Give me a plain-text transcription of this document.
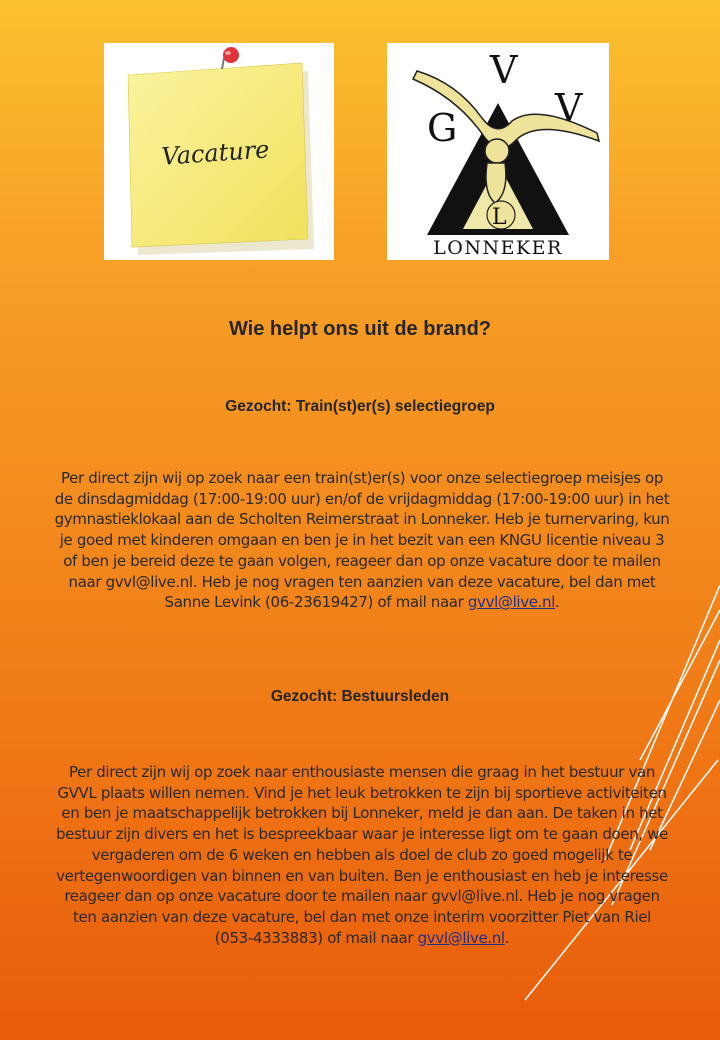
Vacature
G
V
V
L
LONNEKER
Wie helpt ons uit de brand?
Gezocht: Train(st)er(s) selectiegroep
Per direct zijn wij op zoek naar een train(st)er(s) voor onze selectiegroep meisjes op de dinsdagmiddag (17:00-19:00 uur) en/of de vrijdagmiddag (17:00-19:00 uur) in het gymnastieklokaal aan de Scholten Reimerstraat in Lonneker. Heb je turnervaring, kun je goed met kinderen omgaan en ben je in het bezit van een KNGU licentie niveau 3 of ben je bereid deze te gaan volgen, reageer dan op onze vacature door te mailen naar gvvl@live.nl. Heb je nog vragen ten aanzien van deze vacature, bel dan met Sanne Levink (06-23619427) of mail naar gvvl@live.nl.
Gezocht: Bestuursleden
Per direct zijn wij op zoek naar enthousiaste mensen die graag in het bestuur van GVVL plaats willen nemen. Vind je het leuk betrokken te zijn bij sportieve activiteiten en ben je maatschappelijk betrokken bij Lonneker, meld je dan aan. De taken in het bestuur zijn divers en het is bespreekbaar waar je interesse ligt om te gaan doen, we vergaderen om de 6 weken en hebben als doel de club zo goed mogelijk te vertegenwoordigen van binnen en van buiten. Ben je enthousiast en heb je interesse reageer dan op onze vacature door te mailen naar gvvl@live.nl. Heb je nog vragen ten aanzien van deze vacature, bel dan met onze interim voorzitter Piet van Riel (053-4333883) of mail naar gvvl@live.nl.
